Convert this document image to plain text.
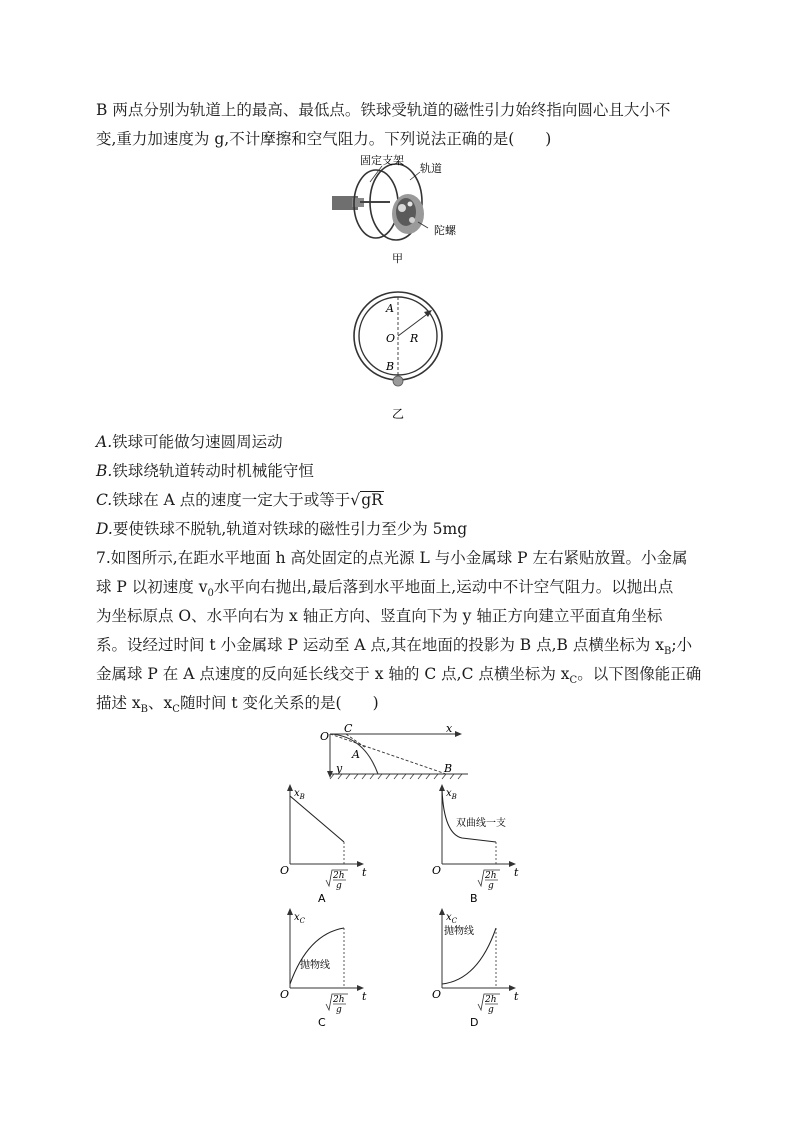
B 两点分别为轨道上的最高、最低点。铁球受轨道的磁性引力始终指向圆心且大小不
变,重力加速度为 g,不计摩擦和空气阻力。下列说法正确的是(　　)
固定支架
轨道
陀螺
甲
A
O R
B
乙
A.铁球可能做匀速圆周运动
B.铁球绕轨道转动时机械能守恒
C.铁球在 A 点的速度一定大于或等于√gR
D.要使铁球不脱轨,轨道对铁球的磁性引力至少为 5mg
7.如图所示,在距水平地面 h 高处固定的点光源 L 与小金属球 P 左右紧贴放置。小金属
球 P 以初速度 $v_0$水平向右抛出,最后落到水平地面上,运动中不计空气阻力。以抛出点
为坐标原点 O、水平向右为 x 轴正方向、竖直向下为 y 轴正方向建立平面直角坐标
系。设经过时间 t 小金属球 P 运动至 A 点,其在地面的投影为 B 点,B 点横坐标为 $x_B$;小
金属球 P 在 A 点速度的反向延长线交于 x 轴的 C 点,C 点横坐标为 $x_C$。以下图像能正确
描述 $x_B$、$x_C$随时间 t 变化关系的是(　　)
O
C	x
A
y	B
O	t
$x_B$
2h
g
A
O	t
$x_B$
2h
g
双曲线一支
B
O	t
$x_C$
2h
g
抛物线
C
O	t
$x_C$
2h
g
抛物线
D
